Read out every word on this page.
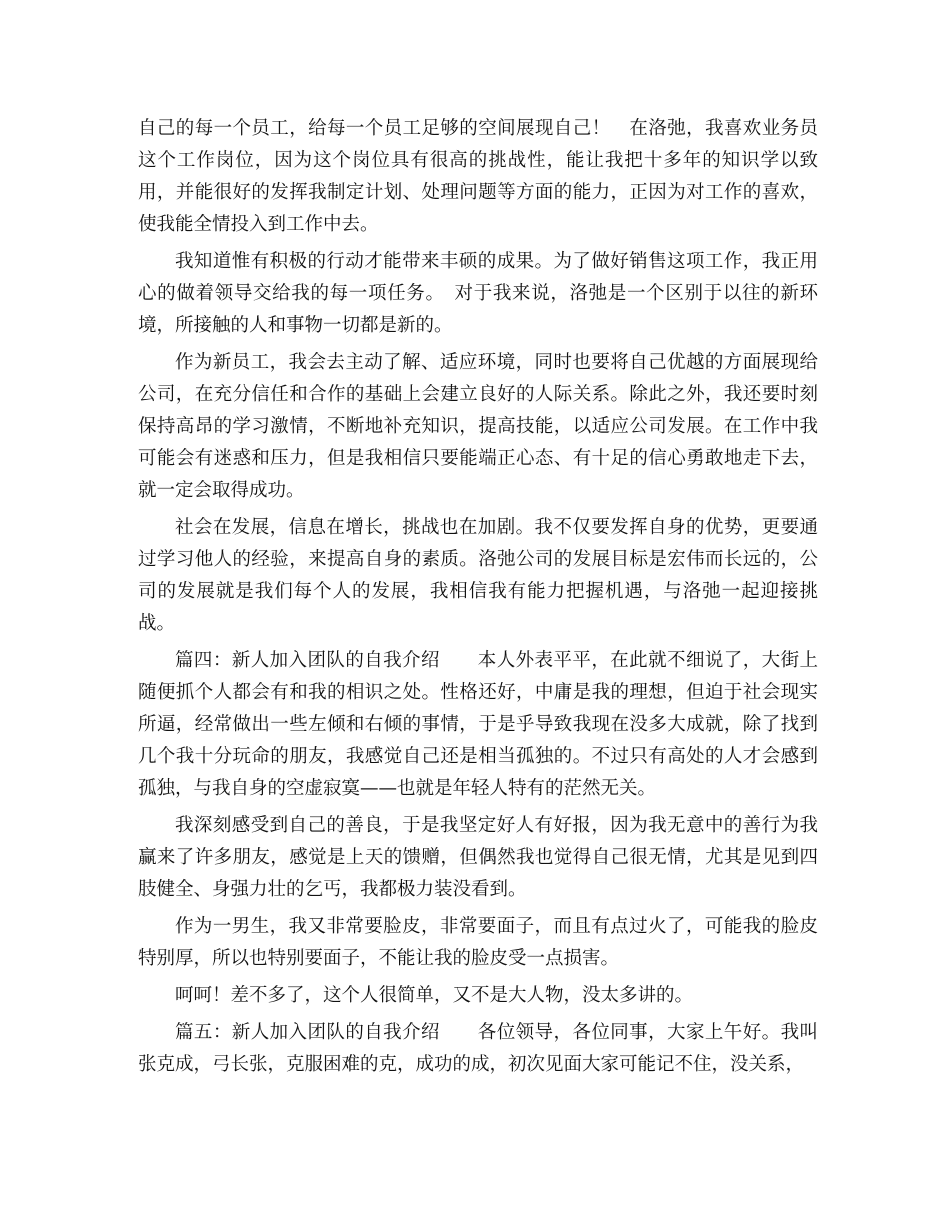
自己的每一个员工，给每一个员工足够的空间展现自己！　在洛弛，我喜欢业务员这个工作岗位，因为这个岗位具有很高的挑战性，能让我把十多年的知识学以致用，并能很好的发挥我制定计划、处理问题等方面的能力，正因为对工作的喜欢，使我能全情投入到工作中去。

我知道惟有积极的行动才能带来丰硕的成果。为了做好销售这项工作，我正用心的做着领导交给我的每一项任务。　对于我来说，洛弛是一个区别于以往的新环境，所接触的人和事物一切都是新的。

作为新员工，我会去主动了解、适应环境，同时也要将自己优越的方面展现给公司，在充分信任和合作的基础上会建立良好的人际关系。除此之外，我还要时刻保持高昂的学习激情，不断地补充知识，提高技能，以适应公司发展。在工作中我可能会有迷惑和压力，但是我相信只要能端正心态、有十足的信心勇敢地走下去，就一定会取得成功。

社会在发展，信息在增长，挑战也在加剧。我不仅要发挥自身的优势，更要通过学习他人的经验，来提高自身的素质。洛弛公司的发展目标是宏伟而长远的，公司的发展就是我们每个人的发展，我相信我有能力把握机遇，与洛弛一起迎接挑战。

篇四：新人加入团队的自我介绍　　本人外表平平，在此就不细说了，大街上随便抓个人都会有和我的相识之处。性格还好，中庸是我的理想，但迫于社会现实所逼，经常做出一些左倾和右倾的事情，于是乎导致我现在没多大成就，除了找到几个我十分玩命的朋友，我感觉自己还是相当孤独的。不过只有高处的人才会感到孤独，与我自身的空虚寂寞——也就是年轻人特有的茫然无关。

我深刻感受到自己的善良，于是我坚定好人有好报，因为我无意中的善行为我赢来了许多朋友，感觉是上天的馈赠，但偶然我也觉得自己很无情，尤其是见到四肢健全、身强力壮的乞丐，我都极力装没看到。

作为一男生，我又非常要脸皮，非常要面子，而且有点过火了，可能我的脸皮特别厚，所以也特别要面子，不能让我的脸皮受一点损害。

呵呵！差不多了，这个人很简单，又不是大人物，没太多讲的。

篇五：新人加入团队的自我介绍　　各位领导，各位同事，大家上午好。我叫张克成，弓长张，克服困难的克，成功的成，初次见面大家可能记不住，没关系，
